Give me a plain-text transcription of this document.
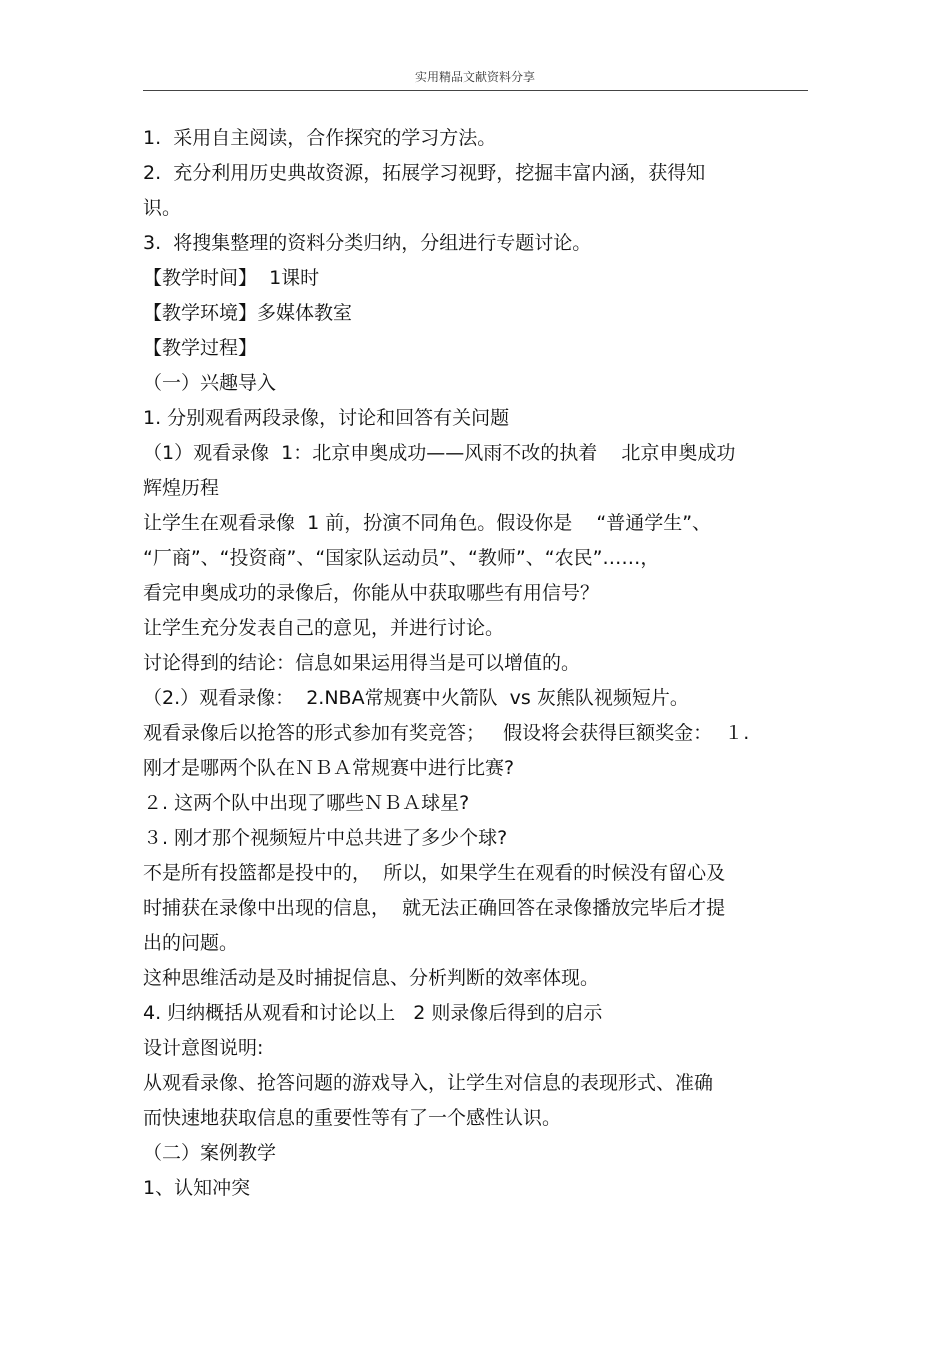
实用精品文献资料分享
1.  采用自主阅读，合作探究的学习方法。
2.  充分利用历史典故资源，拓展学习视野，挖掘丰富内涵，获得知
识。
3.  将搜集整理的资料分类归纳，分组进行专题讨论。
【教学时间】  1课时
【教学环境】多媒体教室
【教学过程】
（一）兴趣导入
1. 分别观看两段录像，讨论和回答有关问题
（1）观看录像  1：北京申奥成功——风雨不改的执着    北京申奥成功
辉煌历程
让学生在观看录像  1 前，扮演不同角色。假设你是    “普通学生”、
“厂商”、“投资商”、“国家队运动员”、“教师”、“农民”……，
看完申奥成功的录像后，你能从中获取哪些有用信号？
让学生充分发表自己的意见，并进行讨论。
讨论得到的结论：信息如果运用得当是可以增值的。
（2.）观看录像：  2.NBA常规赛中火箭队  vs 灰熊队视频短片。
观看录像后以抢答的形式参加有奖竞答；   假设将会获得巨额奖金：  １.
刚才是哪两个队在ＮＢＡ常规赛中进行比赛?
２. 这两个队中出现了哪些ＮＢＡ球星?
３. 刚才那个视频短片中总共进了多少个球?
不是所有投篮都是投中的，  所以，如果学生在观看的时候没有留心及
时捕获在录像中出现的信息，  就无法正确回答在录像播放完毕后才提
出的问题。
这种思维活动是及时捕捉信息、分析判断的效率体现。
4. 归纳概括从观看和讨论以上   2 则录像后得到的启示
设计意图说明:
从观看录像、抢答问题的游戏导入，让学生对信息的表现形式、准确
而快速地获取信息的重要性等有了一个感性认识。
（二）案例教学
1、认知冲突
